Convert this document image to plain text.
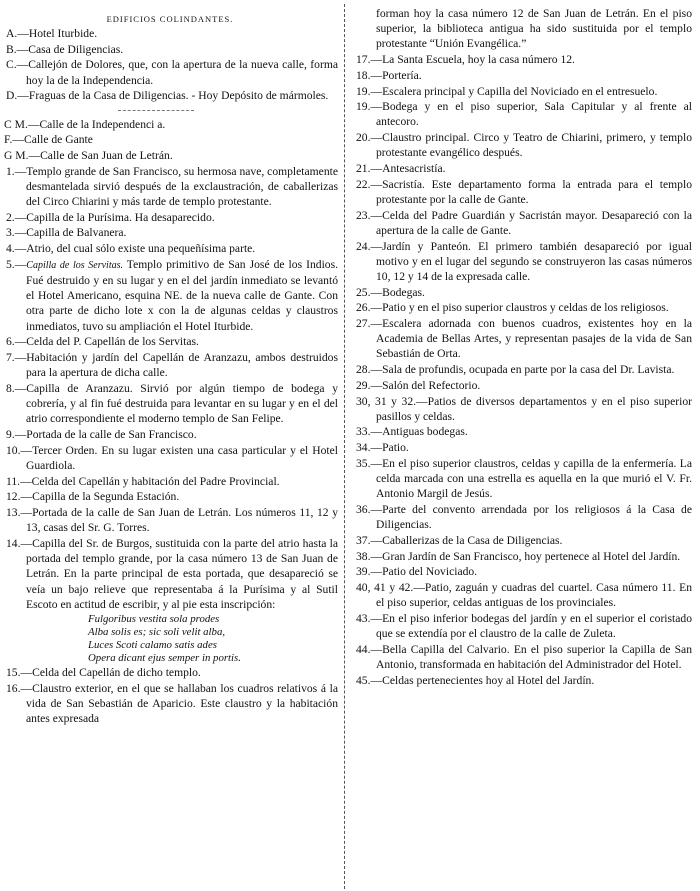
EDIFICIOS COLINDANTES.

A.—Hotel Iturbide.

B.—Casa de Diligencias.

C.—Callejón de Dolores, que, con la apertura de la nueva calle, forma hoy la de la Independencia.

D.—Fraguas de la Casa de Diligencias. - Hoy Depósito de mármoles.

C M.—Calle de la Independenci a.

F.—Calle de Gante

G M.—Calle de San Juan de Letrán.

1.—Templo grande de San Francisco, su hermosa nave, completamente desmantelada sirvió después de la exclaustración, de caballerizas del Circo Chiarini y más tarde de templo protestante.

2.—Capilla de la Purísima. Ha desaparecido.

3.—Capilla de Balvanera.

4.—Atrio, del cual sólo existe una pequeñísima parte.

5.—Capilla de los Servitas. Templo primitivo de San José de los Indios. Fué destruido y en su lugar y en el del jardín inmediato se levantó el Hotel Americano, esquina NE. de la nueva calle de Gante. Con otra parte de dicho lote x con la de algunas celdas y claustros inmediatos, tuvo su ampliación el Hotel Iturbide.

6.—Celda del P. Capellán de los Servitas.

7.—Habitación y jardín del Capellán de Aranzazu, ambos destruidos para la apertura de dicha calle.

8.—Capilla de Aranzazu. Sirvió por algún tiempo de bodega y cobrería, y al fin fué destruida para levantar en su lugar y en el del atrio correspondiente el moderno templo de San Felipe.

9.—Portada de la calle de San Francisco.

10.—Tercer Orden. En su lugar existen una casa particular y el Hotel Guardiola.

11.—Celda del Capellán y habitación del Padre Provincial.

12.—Capilla de la Segunda Estación.

13.—Portada de la calle de San Juan de Letrán. Los números 11, 12 y 13, casas del Sr. G. Torres.

14.—Capilla del Sr. de Burgos, sustituida con la parte del atrio hasta la portada del templo grande, por la casa número 13 de San Juan de Letrán. En la parte principal de esta portada, que desapareció se veía un bajo relieve que representaba á la Purísima y al Sutil Escoto en actitud de escribir, y al pie esta inscripción:

Fulgoribus vestita sola prodes

Alba solis es; sic soli velit alba,

Luces Scoti calamo satis ades

Opera dicant ejus semper in portis.

15.—Celda del Capellán de dicho templo.

16.—Claustro exterior, en el que se hallaban los cuadros relativos á la vida de San Sebastián de Aparicio. Este claustro y la habitación antes expresada

forman hoy la casa número 12 de San Juan de Letrán. En el piso superior, la biblioteca antigua ha sido sustituida por el templo protestante “Unión Evangélica.”

17.—La Santa Escuela, hoy la casa número 12.

18.—Portería.

19.—Escalera principal y Capilla del Noviciado en el entresuelo.

19.—Bodega y en el piso superior, Sala Capitular y al frente al antecoro.

20.—Claustro principal. Circo y Teatro de Chiarini, primero, y templo protestante evangélico después.

21.—Antesacristía.

22.—Sacristía. Este departamento forma la entrada para el templo protestante por la calle de Gante.

23.—Celda del Padre Guardián y Sacristán mayor. Desapareció con la apertura de la calle de Gante.

24.—Jardín y Panteón. El primero también desapareció por igual motivo y en el lugar del segundo se construyeron las casas números 10, 12 y 14 de la expresada calle.

25.—Bodegas.

26.—Patio y en el piso superior claustros y celdas de los religiosos.

27.—Escalera adornada con buenos cuadros, existentes hoy en la Academia de Bellas Artes, y representan pasajes de la vida de San Sebastián de Orta.

28.—Sala de profundis, ocupada en parte por la casa del Dr. Lavista.

29.—Salón del Refectorio.

30, 31 y 32.—Patios de diversos departamentos y en el piso superior pasillos y celdas.

33.—Antiguas bodegas.

34.—Patio.

35.—En el piso superior claustros, celdas y capilla de la enfermería. La celda marcada con una estrella es aquella en la que murió el V. Fr. Antonio Margil de Jesús.

36.—Parte del convento arrendada por los religiosos á la Casa de Diligencias.

37.—Caballerizas de la Casa de Diligencias.

38.—Gran Jardín de San Francisco, hoy pertenece al Hotel del Jardín.

39.—Patio del Noviciado.

40, 41 y 42.—Patio, zaguán y cuadras del cuartel. Casa número 11. En el piso superior, celdas antiguas de los provinciales.

43.—En el piso inferior bodegas del jardín y en el superior el coristado que se extendía por el claustro de la calle de Zuleta.

44.—Bella Capilla del Calvario. En el piso superior la Capilla de San Antonio, transformada en habitación del Administrador del Hotel.

45.—Celdas pertenecientes hoy al Hotel del Jardín.
